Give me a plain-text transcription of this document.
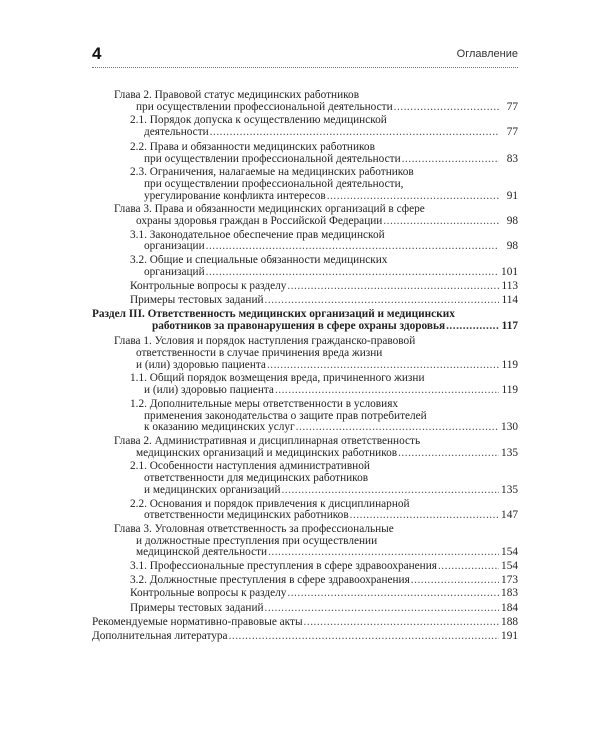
4	Оглавление
Глава 2. Правовой статус медицинских работников
при осуществлении профессиональной деятельности .....	77
2.1. Порядок допуска к осуществлению медицинской
деятельности .....	77
2.2. Права и обязанности медицинских работников
при осуществлении профессиональной деятельности .....	83
2.3. Ограничения, налагаемые на медицинских работников
при осуществлении профессиональной деятельности,
урегулирование конфликта интересов .....	91
Глава 3. Права и обязанности медицинских организаций в сфере
охраны здоровья граждан в Российской Федерации .....	98
3.1. Законодательное обеспечение прав медицинской
организации .....	98
3.2. Общие и специальные обязанности медицинских
организаций .....	101
Контрольные вопросы к разделу .....	113
Примеры тестовых заданий .....	114
Раздел III. Ответственность медицинских организаций и медицинских
работников за правонарушения в сфере охраны здоровья .....	117
Глава 1. Условия и порядок наступления гражданско-правовой
ответственности в случае причинения вреда жизни
и (или) здоровью пациента .....	119
1.1. Общий порядок возмещения вреда, причиненного жизни
и (или) здоровью пациента .....	119
1.2. Дополнительные меры ответственности в условиях
применения законодательства о защите прав потребителей
к оказанию медицинских услуг .....	130
Глава 2. Административная и дисциплинарная ответственность
медицинских организаций и медицинских работников .....	135
2.1. Особенности наступления административной
ответственности для медицинских работников
и медицинских организаций .....	135
2.2. Основания и порядок привлечения к дисциплинарной
ответственности медицинских работников .....	147
Глава 3. Уголовная ответственность за профессиональные
и должностные преступления при осуществлении
медицинской деятельности .....	154
3.1. Профессиональные преступления в сфере здравоохранения .....	154
3.2. Должностные преступления в сфере здравоохранения .....	173
Контрольные вопросы к разделу .....	183
Примеры тестовых заданий .....	184
Рекомендуемые нормативно-правовые акты .....	188
Дополнительная литература .....	191
